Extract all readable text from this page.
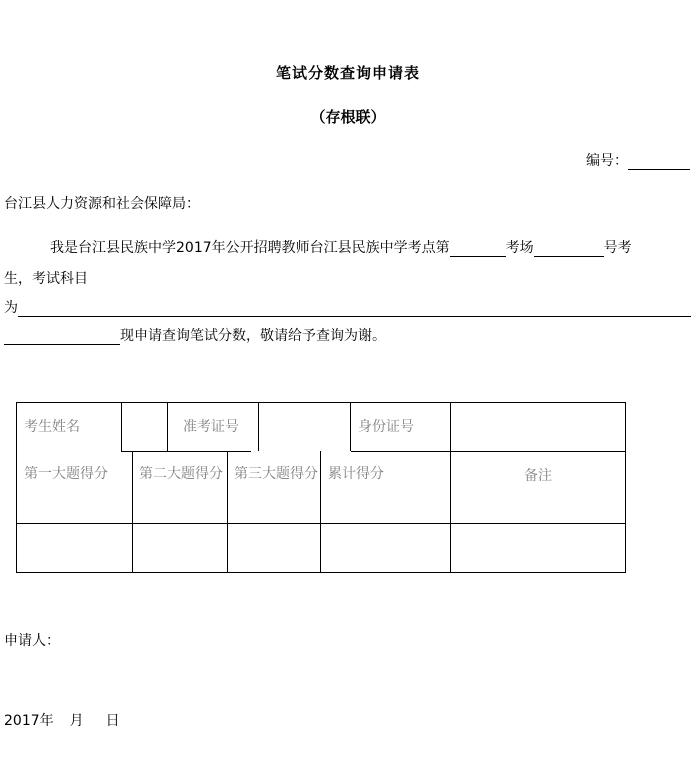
笔试分数查询申请表
（存根联）
编号：
台江县人力资源和社会保障局：
我是台江县民族中学2017年公开招聘教师台江县民族中学考点第	考场	号考
生，考试科目
为
现申请查询笔试分数，敬请给予查询为谢。
考生姓名	准考证号	身份证号
第一大题得分	第二大题得分 第三大题得分 累计得分	备注
申请人：
2017年 月 日
